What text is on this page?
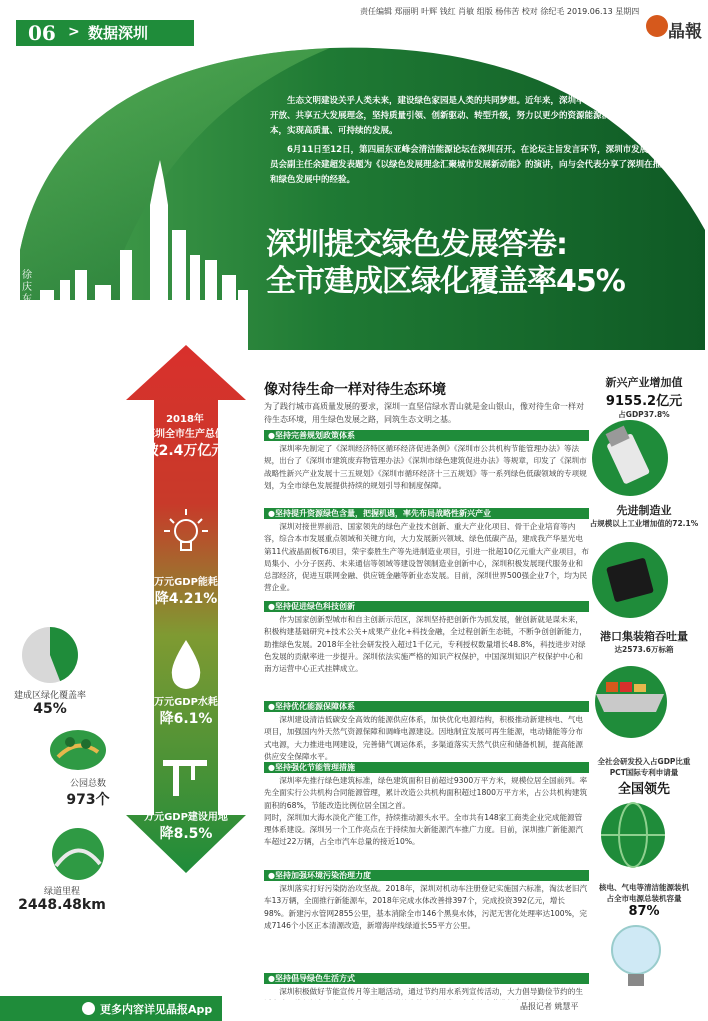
06 > 数据深圳
责任编辑 郑丽明 叶辉 钱红 肖敏 组版 杨伟苦 校对 徐纪毛 2019.06.13 星期四
晶報

生态文明建设关乎人类未来，建设绿色家园是人类的共同梦想。近年来，深圳牢固树立创新、协调、绿色、开放、共享五大发展理念，坚持质量引领、创新驱动、转型升级，努力以更少的资源能源消耗和更低的环境成本，实现高质量、可持续的发展。

6月11日至12日，第四届东亚峰会清洁能源论坛在深圳召开。在论坛主旨发言环节，深圳市发展和改革委员会副主任余建超发表题为《以绿色发展理念汇聚城市发展新动能》的演讲，向与会代表分享了深圳在推进城市和绿色发展中的经验。

深圳提交绿色发展答卷:
全市建成区绿化覆盖率45%
徐庆东 制图
2018年
深圳全市生产总值
破2.4万亿元
万元GDP能耗
降4.21%
万元GDP水耗
降6.1%
万元GDP建设用地
降8.5%
建成区绿化覆盖率
45%
公园总数
973个
绿道里程
2448.48km
像对待生命一样对待生态环境
为了践行城市高质量发展的要求，深圳一直坚信绿水青山就是金山银山，像对待生命一样对待生态环境，用生绿色发展之路，同筑生态文明之基。
●坚持完善规划政策体系
深圳率先制定了《深圳经济特区循环经济促进条例》《深圳市公共机构节能管理办法》等法规，出台了《深圳市建筑废弃物管理办法》《深圳市绿色建筑促进办法》等规章，印发了《深圳市战略性新兴产业发展十三五规划》《深圳市循环经济十三五规划》等一系列绿色低碳领域的专项规划，为全市绿色发展提供持续的规划引导和制度保障。
●坚持提升资源绿色含量，把握机遇，率先布局战略性新兴产业
深圳对接世界前沿、国家领先的绿色产业技术创新、重大产业化项目、骨干企业培育等内容，综合本市发展重点领域和关键方向，大力发展新兴领域、绿色低碳产品，建成我产华星光电第11代液晶面板T6项目，荣宇泰胜生产等先进制造业项目，引进一批超10亿元重大产业项目，布局集小、小分子医药、未来通信等领域等建设智领制造业创新中心，深圳积极发展现代服务业和总部经济，促进互联网金融、供应链金融等新业态发展。目前，深圳世界500强企业7个，均为民营企业。
●坚持促进绿色科技创新
作为国家创新型城市和自主创新示范区，深圳坚持把创新作为抓发展，催创新就是谋未来，积极构建基础研究+技术公关+成果产业化+科技金融，全过程创新生态链，不断争创创新能力，助推绿色发展。2018年全社会研发投入超过1千亿元，专利授权数量增长48.8%，科技进步对绿色发展的贡献率进一步提升。深圳依法实施严格的知识产权保护，中国深圳知识产权保护中心和南方运营中心正式挂牌成立。
●坚持优化能源保障体系
深圳建设清洁低碳安全高效的能源供应体系，加快优化电源结构，积极推动新建核电、气电项目，加强国内外天然气资源保障和调峰电源建设。因地制宜发展可再生能源，电动储能等分布式电源，大力推进电网建设，完善储气调运体系，多渠道落实天然气供应和储备机制，提高能源供应安全保障水平。
●坚持强化节能管理措施
深圳率先推行绿色建筑标准，绿色建筑面积目前超过9300万平方米，规模位居全国前列。率先全面实行公共机构合同能源管理，累计改造公共机构面积超过1800万平方米，占公共机构建筑面积的68%，节能改造比例位居全国之首。
同时，深圳加大海水淡化产能工作，持续推动源头水平。全市共有148家工商类企业完成能源管理体系建设。深圳另一个工作亮点在于持续加大新能源汽车推广力度。目前，深圳推广新能源汽车超过22万辆，占全市汽车总量的接近10%。
●坚持加强环境污染治理力度
深圳落实打好污染防治攻坚战。2018年，深圳对机动车注册登记实施国六标准，淘汰老旧汽车13万辆，全面推行新能源车，2018年完成水体改善排397个，完成投资392亿元，增长98%。新建污水管网2855公里，基本消除全市146个黑臭水体，污泥无害化处理率达100%，完成7146个小区正本清源改造，新增海岸线绿道长55平方公里。
●坚持倡导绿色生活方式
深圳积极做好节能宣传月等主题活动，通过节约用水系列宣传活动，大力倡导勤俭节约的生
晶报记者 姚慧平
新兴产业增加值
9155.2亿元
占GDP37.8%
先进制造业
占规模以上工业增加值的72.1%
港口集装箱吞吐量
达2573.6万标箱
全社会研发投入占GDP比重
PCT国际专利申请量
全国领先
核电、气电等清洁能源装机
占全市电源总装机容量
87%
更多内容详见晶报App
